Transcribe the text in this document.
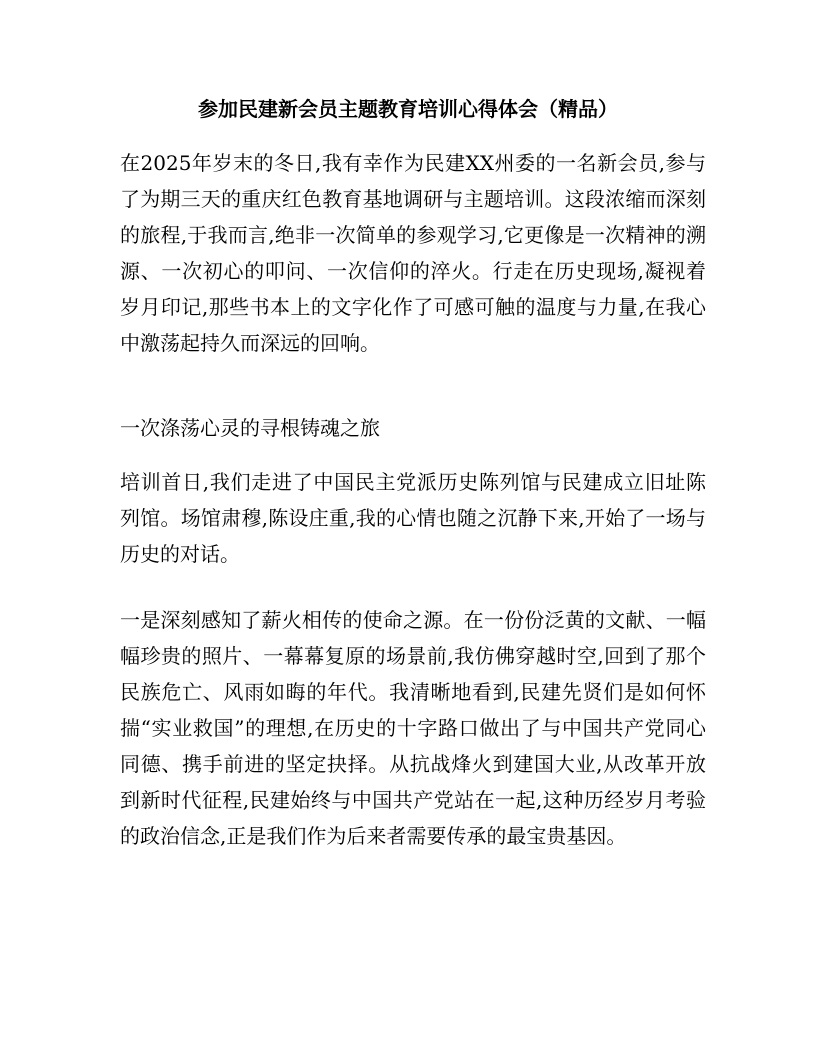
参加民建新会员主题教育培训心得体会（精品）

在2025年岁末的冬日,我有幸作为民建XX州委的一名新会员,参与了为期三天的重庆红色教育基地调研与主题培训。这段浓缩而深刻的旅程,于我而言,绝非一次简单的参观学习,它更像是一次精神的溯源、一次初心的叩问、一次信仰的淬火。行走在历史现场,凝视着岁月印记,那些书本上的文字化作了可感可触的温度与力量,在我心中激荡起持久而深远的回响。

一次涤荡心灵的寻根铸魂之旅

培训首日,我们走进了中国民主党派历史陈列馆与民建成立旧址陈列馆。场馆肃穆,陈设庄重,我的心情也随之沉静下来,开始了一场与历史的对话。

一是深刻感知了薪火相传的使命之源。在一份份泛黄的文献、一幅幅珍贵的照片、一幕幕复原的场景前,我仿佛穿越时空,回到了那个民族危亡、风雨如晦的年代。我清晰地看到,民建先贤们是如何怀揣“实业救国”的理想,在历史的十字路口做出了与中国共产党同心同德、携手前进的坚定抉择。从抗战烽火到建国大业,从改革开放到新时代征程,民建始终与中国共产党站在一起,这种历经岁月考验的政治信念,正是我们作为后来者需要传承的最宝贵基因。
